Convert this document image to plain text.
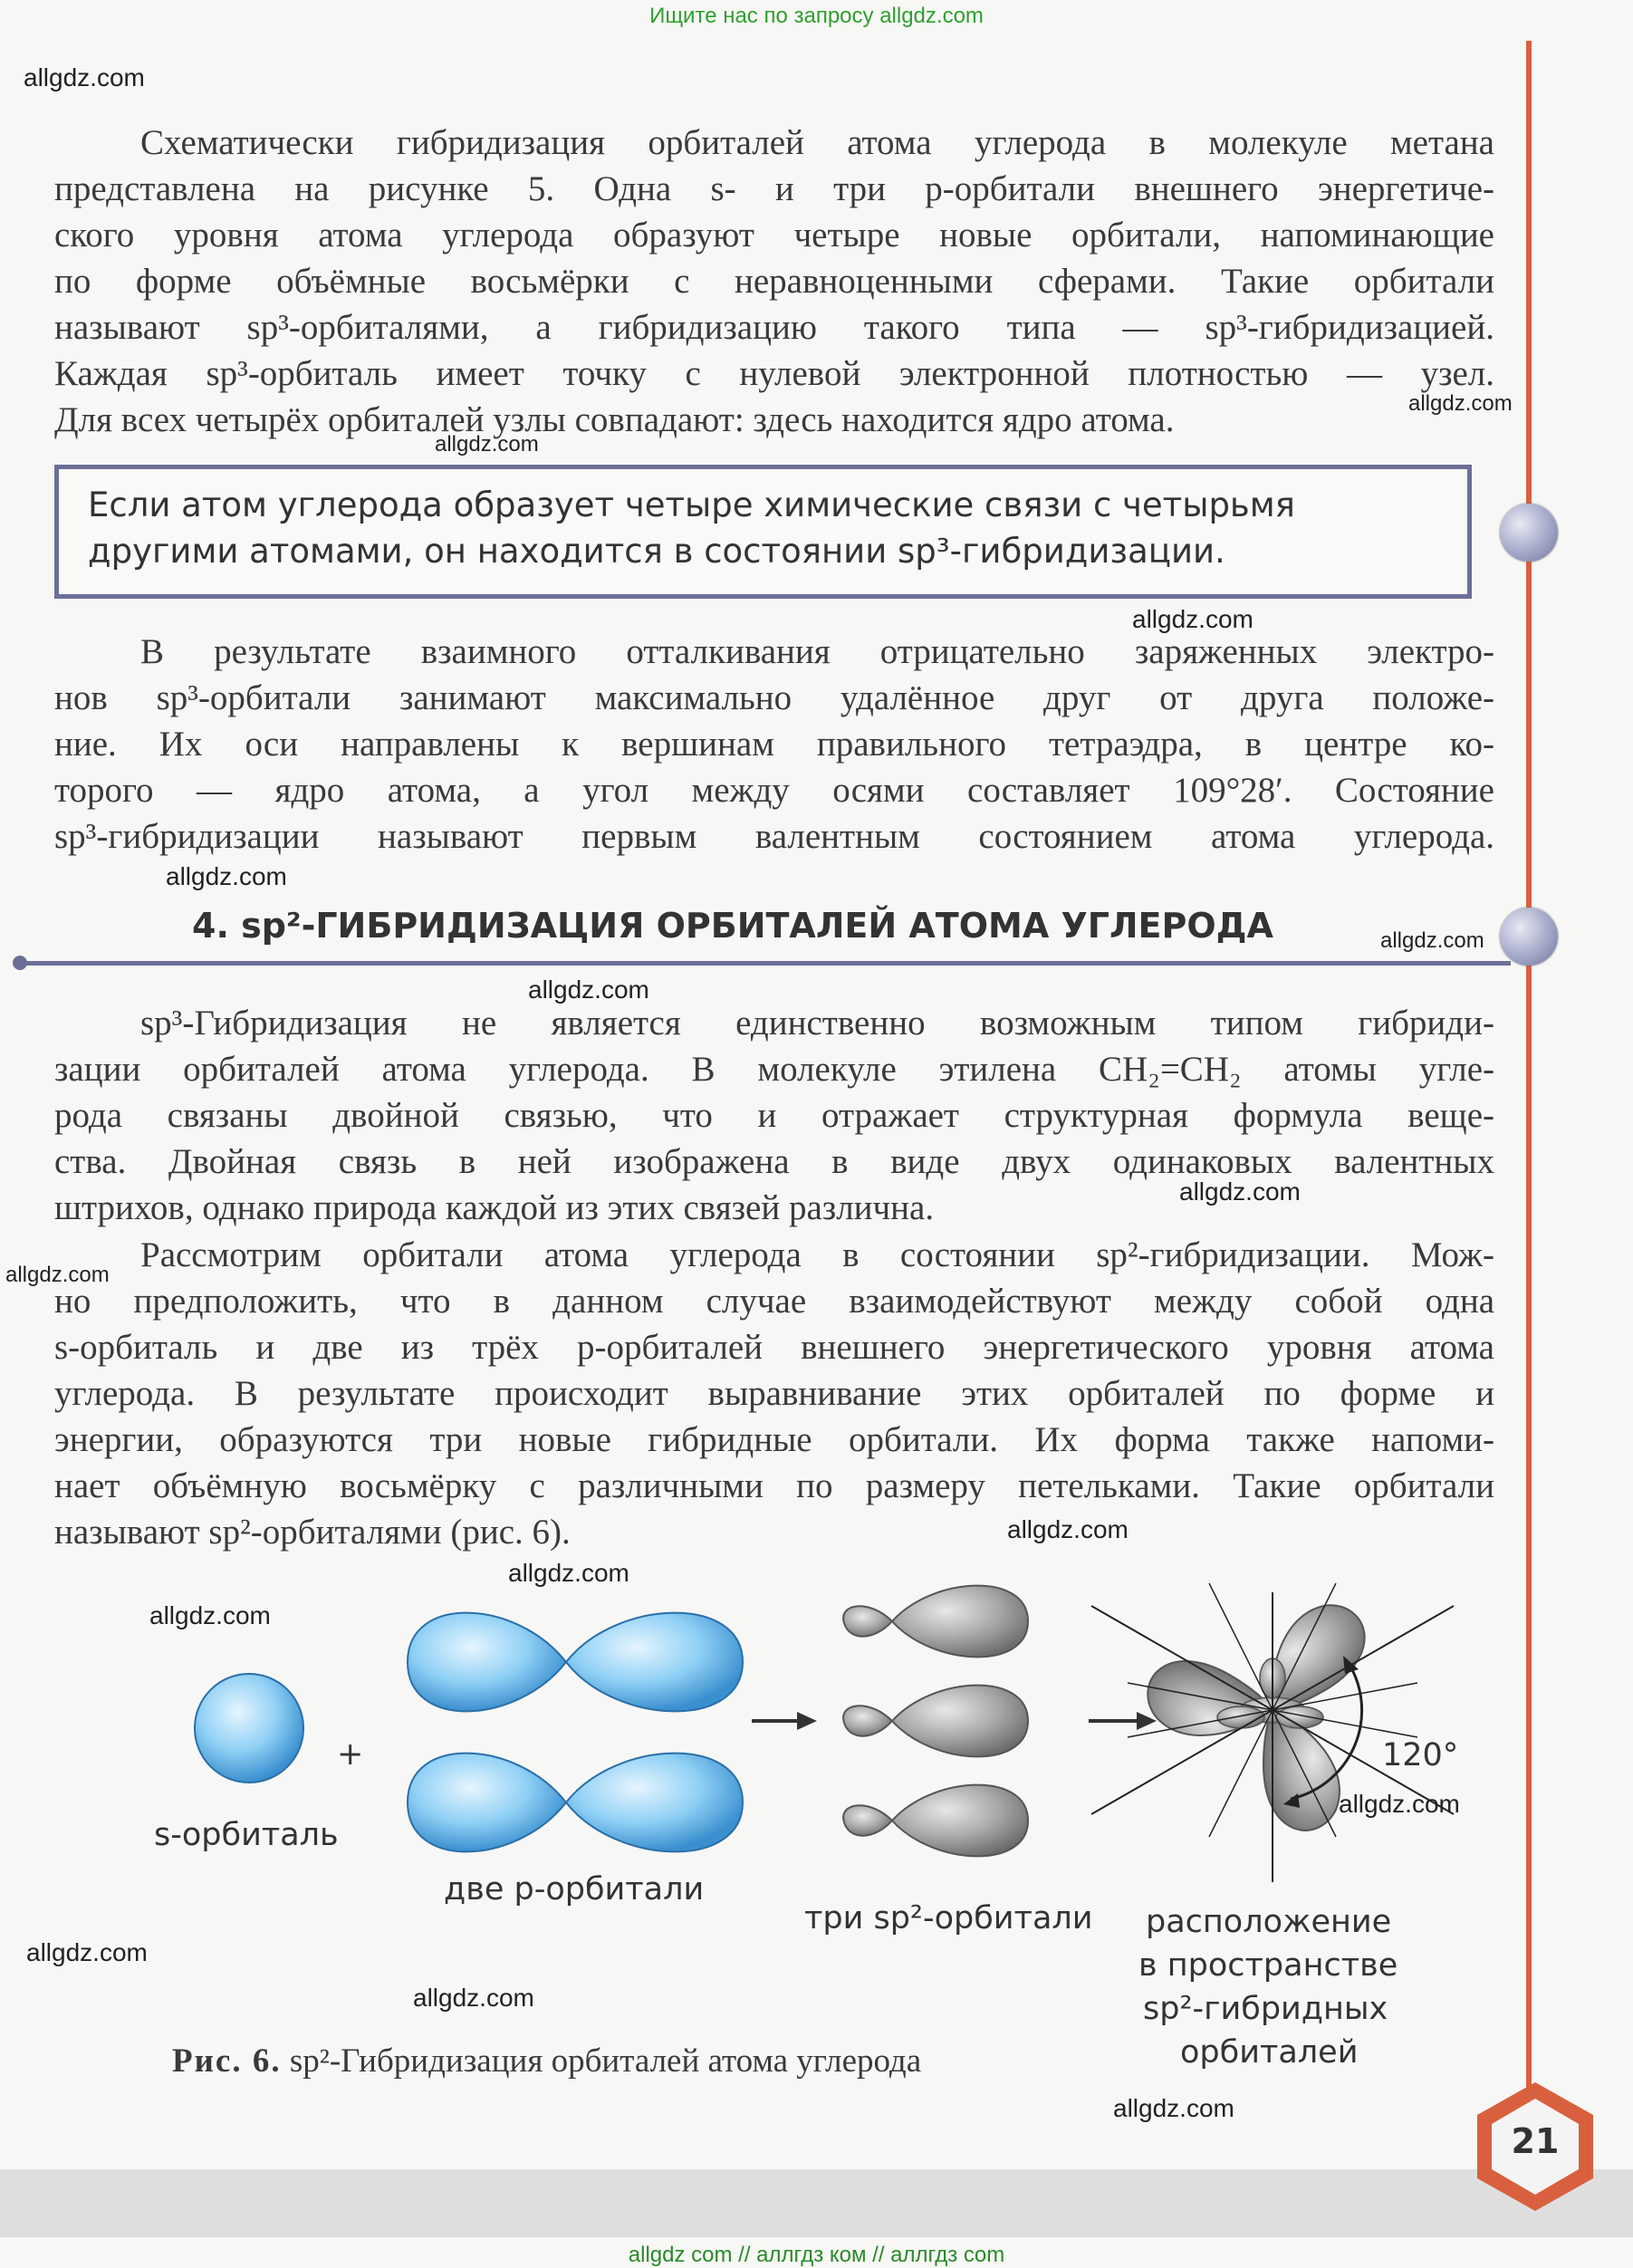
Ищите нас по запросу allgdz.com
allgdz.com
allgdz.com
allgdz.com
allgdz.com
allgdz.com
allgdz.com
allgdz.com
allgdz.com
allgdz.com
allgdz.com
allgdz.com
allgdz.com
allgdz.com
allgdz.com
allgdz.com
allgdz.com
Схематически гибридизация орбиталей атома углерода в молекуле метана
представлена на рисунке 5. Одна s- и три p-орбитали внешнего энергетиче-
ского уровня атома углерода образуют четыре новые орбитали, напоминающие
по форме объёмные восьмёрки с неравноценными сферами. Такие орбитали
называют sp³-орбиталями, а гибридизацию такого типа — sp³-гибридизацией.
Каждая sp³-орбиталь имеет точку с нулевой электронной плотностью — узел.
Для всех четырёх орбиталей узлы совпадают: здесь находится ядро атома.
Если атом углерода образует четыре химические связи с четырьмя
другими атомами, он находится в состоянии sp³-гибридизации.
В результате взаимного отталкивания отрицательно заряженных электро-
нов sp³-орбитали занимают максимально удалённое друг от друга положе-
ние. Их оси направлены к вершинам правильного тетраэдра, в центре ко-
торого — ядро атома, а угол между осями составляет 109°28′. Состояние
sp³-гибридизации называют первым валентным состоянием атома углерода.
4. sp²-ГИБРИДИЗАЦИЯ ОРБИТАЛЕЙ АТОМА УГЛЕРОДА
sp³-Гибридизация не является единственно возможным типом гибриди-
зации орбиталей атома углерода. В молекуле этилена CH₂=CH₂ атомы угле-
рода связаны двойной связью, что и отражает структурная формула веще-
ства. Двойная связь в ней изображена в виде двух одинаковых валентных
штрихов, однако природа каждой из этих связей различна.
Рассмотрим орбитали атома углерода в состоянии sp²-гибридизации. Мож-
но предположить, что в данном случае взаимодействуют между собой одна
s-орбиталь и две из трёх p-орбиталей внешнего энергетического уровня атома
углерода. В результате происходит выравнивание этих орбиталей по форме и
энергии, образуются три новые гибридные орбитали. Их форма также напоми-
нает объёмную восьмёрку с различными по размеру петельками. Такие орбитали
называют sp²-орбиталями (рис. 6).
+
s-орбиталь
две p-орбитали
три sp²-орбитали
120°
расположение
в пространстве
sp²-гибридных
орбиталей
Рис. 6. sp²-Гибридизация орбиталей атома углерода
21
allgdz com // аллгдз ком // аллгдз com
